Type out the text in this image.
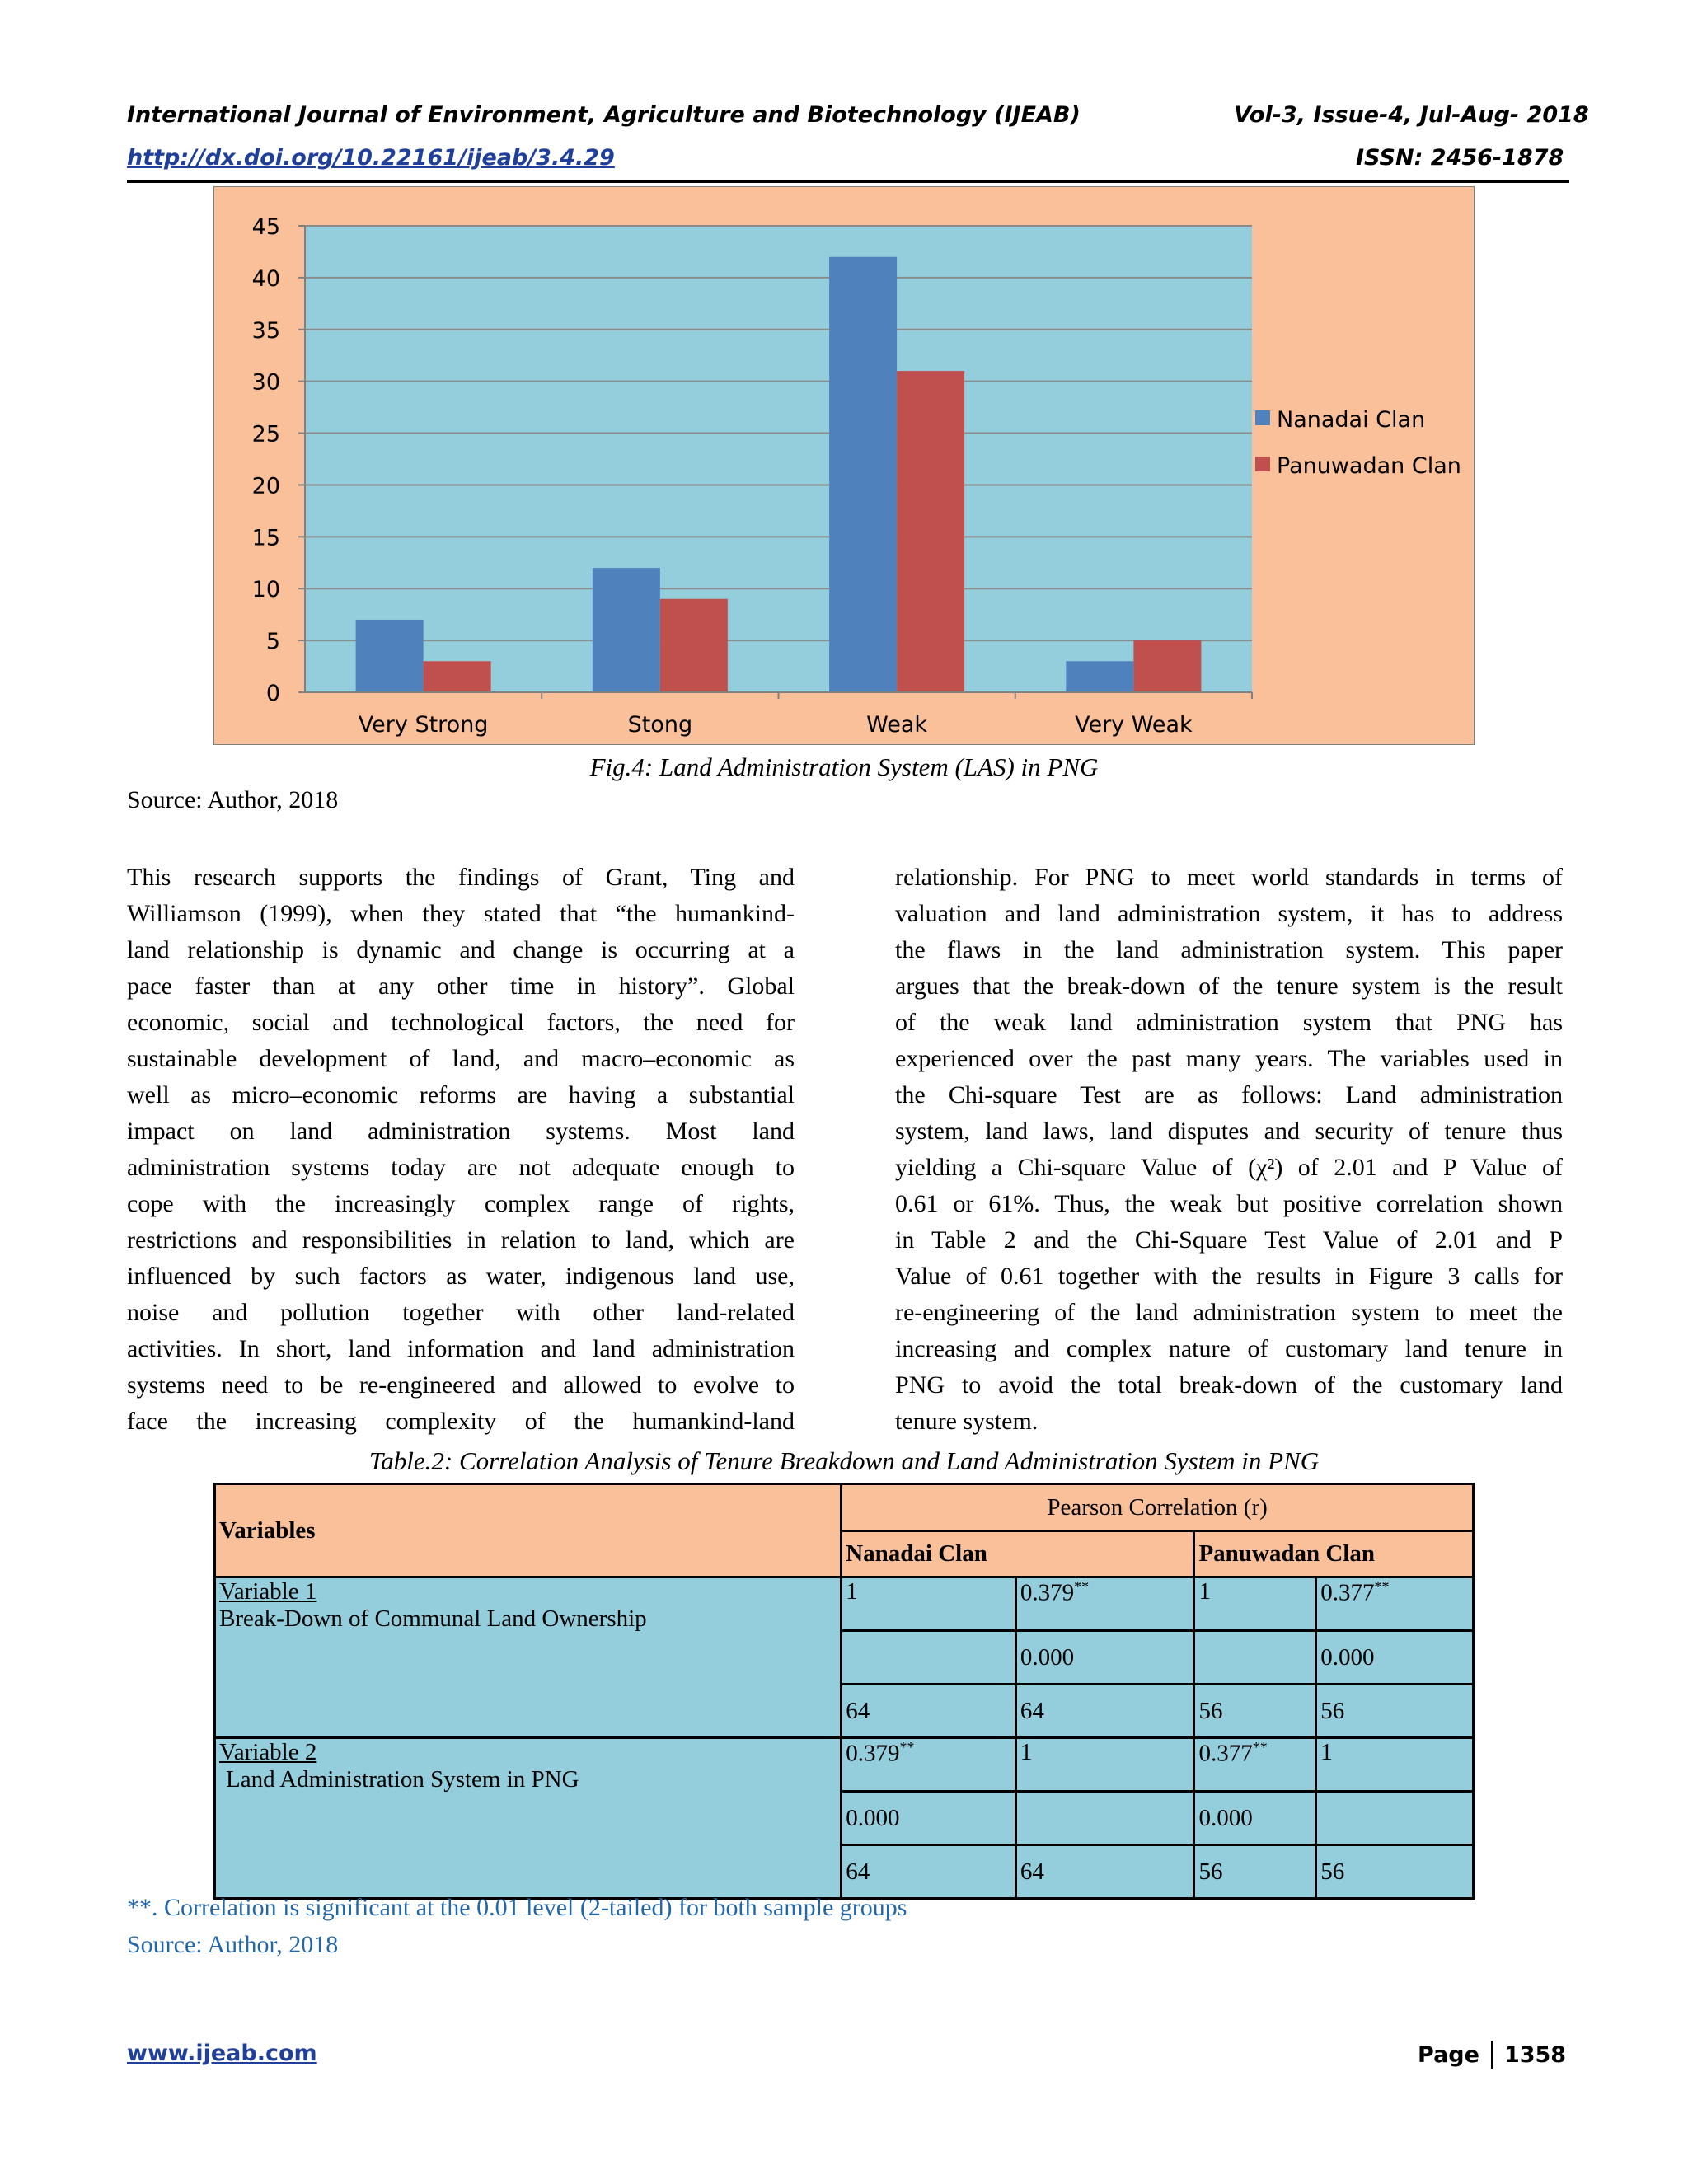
International Journal of Environment, Agriculture and Biotechnology (IJEAB)	Vol-3, Issue-4, Jul-Aug- 2018
http://dx.doi.org/10.22161/ijeab/3.4.29	ISSN: 2456-1878
0
5
10
15
20
25
30
35
40
45
Very Strong	Stong	Weak	Very Weak
Nanadai Clan
Panuwadan Clan
Fig.4: Land Administration System (LAS) in PNG
Source: Author, 2018
This research supports the findings of Grant, Ting and
Williamson (1999), when they stated that “the humankind-
land relationship is dynamic and change is occurring at a
pace faster than at any other time in history”. Global
economic, social and technological factors, the need for
sustainable development of land, and macro–economic as
well as micro–economic reforms are having a substantial
impact on land administration systems. Most land
administration systems today are not adequate enough to
cope with the increasingly complex range of rights,
restrictions and responsibilities in relation to land, which are
influenced by such factors as water, indigenous land use,
noise and pollution together with other land-related
activities. In short, land information and land administration
systems need to be re-engineered and allowed to evolve to
face the increasing complexity of the humankind-land
relationship. For PNG to meet world standards in terms of
valuation and land administration system, it has to address
the flaws in the land administration system. This paper
argues that the break-down of the tenure system is the result
of the weak land administration system that PNG has
experienced over the past many years. The variables used in
the Chi-square Test are as follows: Land administration
system, land laws, land disputes and security of tenure thus
yielding a Chi-square Value of (χ²) of 2.01 and P Value of
0.61 or 61%. Thus, the weak but positive correlation shown
in Table 2 and the Chi-Square Test Value of 2.01 and P
Value of 0.61 together with the results in Figure 3 calls for
re-engineering of the land administration system to meet the
increasing and complex nature of customary land tenure in
PNG to avoid the total break-down of the customary land
tenure system.
Table.2: Correlation Analysis of Tenure Breakdown and Land Administration System in PNG
Variables	Pearson Correlation (r)			
	Nanadai Clan		Panuwadan Clan	

Variable 1
Break-Down of Communal Land Ownership	1	0.379**	1	0.377**
		0.000		0.000
	64	64	56	56

Variable 2
Land Administration System in PNG	0.379**	1	0.377**	1
	0.000		0.000	
	64	64	56	56
**. Correlation is significant at the 0.01 level (2-tailed) for both sample groups
Source: Author, 2018
www.ijeab.com	Page 1358
